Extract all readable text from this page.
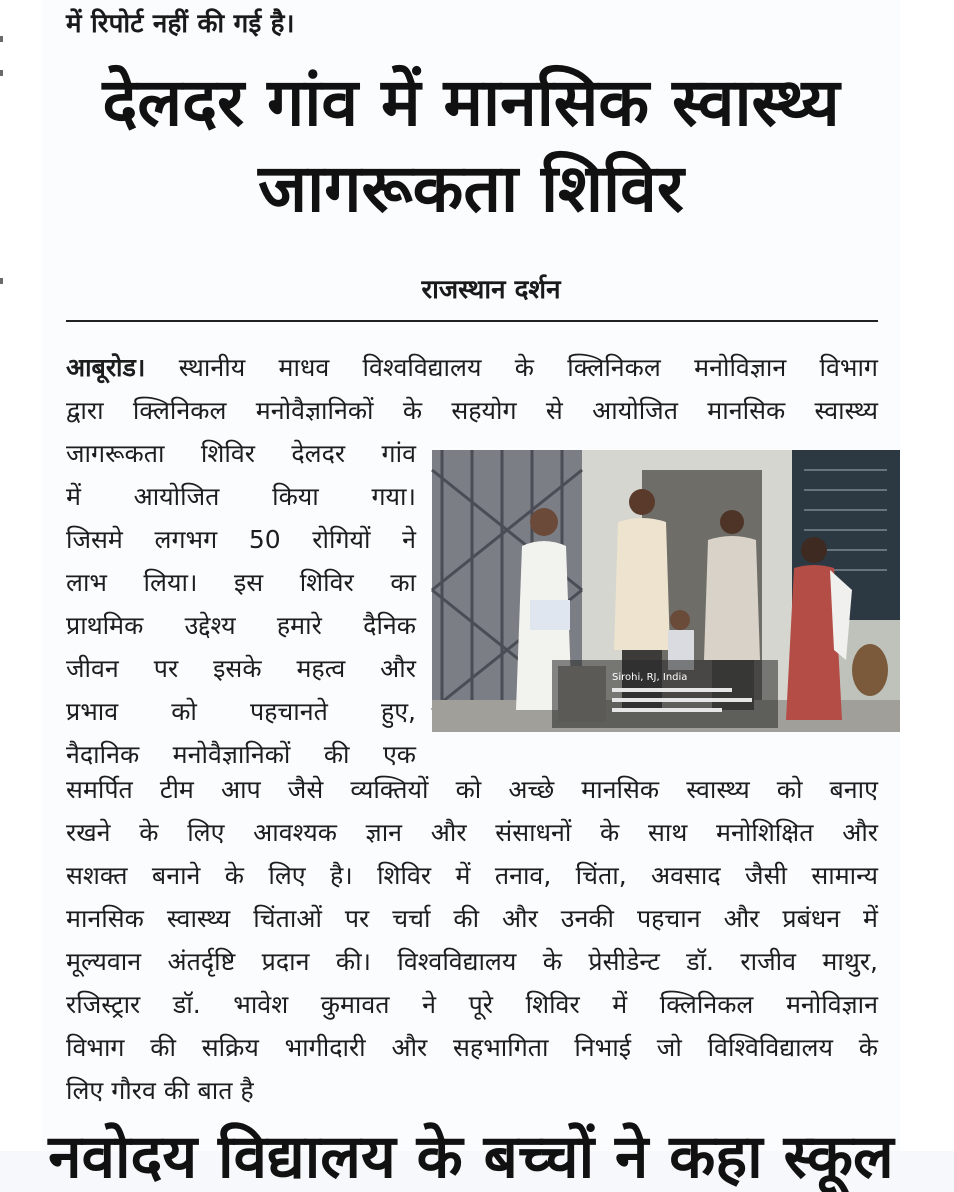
में रिपोर्ट नहीं की गई है।
देलदर गांव में मानसिक स्वास्थ्य
जागरूकता शिविर
राजस्थान दर्शन
आबूरोड। स्थानीय माधव विश्वविद्यालय के क्लिनिकल मनोविज्ञान विभाग
द्वारा क्लिनिकल मनोवैज्ञानिकों के सहयोग से आयोजित मानसिक स्वास्थ्य
जागरूकता शिविर देलदर गांव
में आयोजित किया गया।
जिसमे लगभग 50 रोगियों ने
लाभ लिया। इस शिविर का
प्राथमिक उद्देश्य हमारे दैनिक
जीवन पर इसके महत्व और
प्रभाव को पहचानते हुए,
नैदानिक मनोवैज्ञानिकों की एक
Sirohi, RJ, India
समर्पित टीम आप जैसे व्यक्तियों को अच्छे मानसिक स्वास्थ्य को बनाए
रखने के लिए आवश्यक ज्ञान और संसाधनों के साथ मनोशिक्षित और
सशक्त बनाने के लिए है। शिविर में तनाव, चिंता, अवसाद जैसी सामान्य
मानसिक स्वास्थ्य चिंताओं पर चर्चा की और उनकी पहचान और प्रबंधन में
मूल्यवान अंतर्दृष्टि प्रदान की। विश्वविद्यालय के प्रेसीडेन्ट डॉ. राजीव माथुर,
रजिस्ट्रार डॉ. भावेश कुमावत ने पूरे शिविर में क्लिनिकल मनोविज्ञान
विभाग की सक्रिय भागीदारी और सहभागिता निभाई जो विश्विविद्यालय के
लिए गौरव की बात है
नवोदय विद्यालय के बच्चों ने कहा स्कूल
